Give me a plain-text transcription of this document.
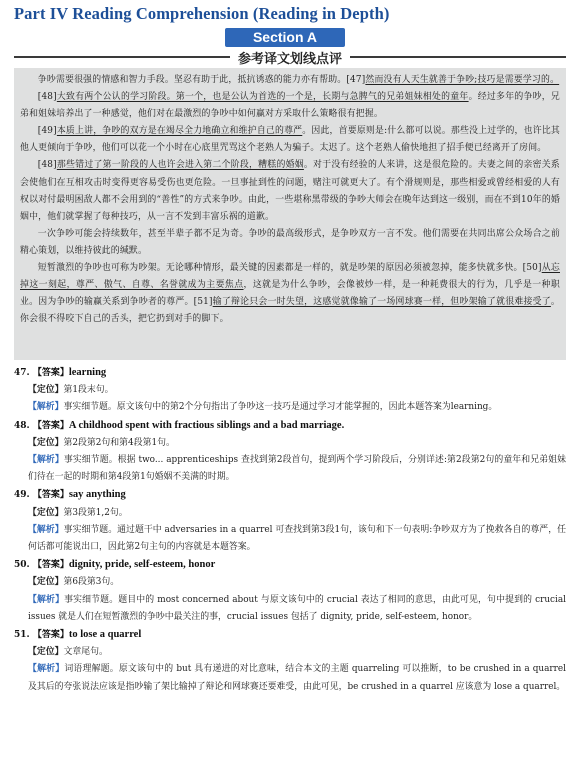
Part IV Reading Comprehension (Reading in Depth)
Section A
参考译文划线点评

争吵需要很强的情感和智力手段。坚忍有助于此，抵抗诱惑的能力亦有帮助。[47]然而没有人天生就善于争吵;技巧是需要学习的。

[48]大致有两个公认的学习阶段。第一个，也是公认为首选的一个是，长期与急脾气的兄弟姐妹相处的童年。经过多年的争吵，兄弟和姐妹培养出了一种感觉，他们对在最激烈的争吵中如何赢对方采取什么策略很有把握。

[49]本质上讲，争吵的双方是在竭尽全力地确立和维护自己的尊严。因此，首要原则是:什么都可以说。那些没上过学的，也许比其他人更倾向于争吵，他们可以花一个小时在心底里咒骂这个老熟人为骗子。太迟了。这个老熟人偷快地担了招手便已经离开了房间。

[48]那些错过了第一阶段的人也许会进入第二个阶段，糟糕的婚姻。对于没有经验的人来讲，这是很危险的。夫妻之间的亲密关系会使他们在互相攻击时变得更容易受伤也更危险。一旦事扯到性的问题，赌注可就更大了。有个滑规则是，那些相爱或曾经相爱的人有权以对付最明困敌人都不会用到的“善性”的方式来争吵。由此，一些堪称黑带级的争吵大师会在晚年达到这一级别，而在不到10年的婚姻中，他们就掌握了每种技巧，从一言不发到丰富乐祸的道歉。

一次争吵可能会持续数年，甚至半辈子都不足为奇。争吵的最高级形式，是争吵双方一言不发。他们需要在共同出席公众场合之前精心策划，以维持彼此的缄默。

短暂激烈的争吵也可称为吵架。无论哪种情形，最关键的因素都是一样的，就是吵架的原因必须被忽掉，能多快就多快。[50]从忘掉这一刻起，尊严、傲气、自尊、名誉就成为主要焦点，这就是为什么争吵，会像被炒一样，是一种耗费很大的行为，几乎是一种职业。因为争吵的输赢关系到争吵者的尊严。[51]输了辩论只会一时失望，这感觉就像输了一场网球赛一样，但吵架输了就很难接受了。你会很不得咬下自己的舌头，把它扔到对手的脚下。

47. 【答案】learning
【定位】第1段末句。
【解析】事实细节题。原文该句中的第2个分句指出了争吵这一技巧是通过学习才能掌握的，因此本题答案为learning。
48. 【答案】A childhood spent with fractious siblings and a bad marriage.
【定位】第2段第2句和第4段第1句。
【解析】事实细节题。根据 two... apprenticeships 查找到第2段首句，提到两个学习阶段后，分别详述:第2段第2句的童年和兄弟姐妹们待在一起的时期和第4段第1句婚姻不美满的时期。
49. 【答案】say anything
【定位】第3段第1,2句。
【解析】事实细节题。通过题干中 adversaries in a quarrel 可查找到第3段1句，该句和下一句表明:争吵双方为了挽救各自的尊严，任何话都可能说出口，因此第2句主句的内容就是本题答案。
50. 【答案】dignity, pride, self-esteem, honor
【定位】第6段第3句。
【解析】事实细节题。题目中的 most concerned about 与原文该句中的 crucial 表达了相同的意思，由此可见，句中提到的 crucial issues 就是人们在短暂激烈的争吵中最关注的事，crucial issues 包括了 dignity, pride, self-esteem, honor。
51. 【答案】to lose a quarrel
【定位】文章尾句。
【解析】词语理解题。原文该句中的 but 具有递进的对比意味，结合本文的主题 quarreling 可以推断，to be crushed in a quarrel 及其后的夸张说法应该是指吵输了架比输掉了辩论和网球赛还要难受，由此可见，be crushed in a quarrel 应该意为 lose a quarrel。
